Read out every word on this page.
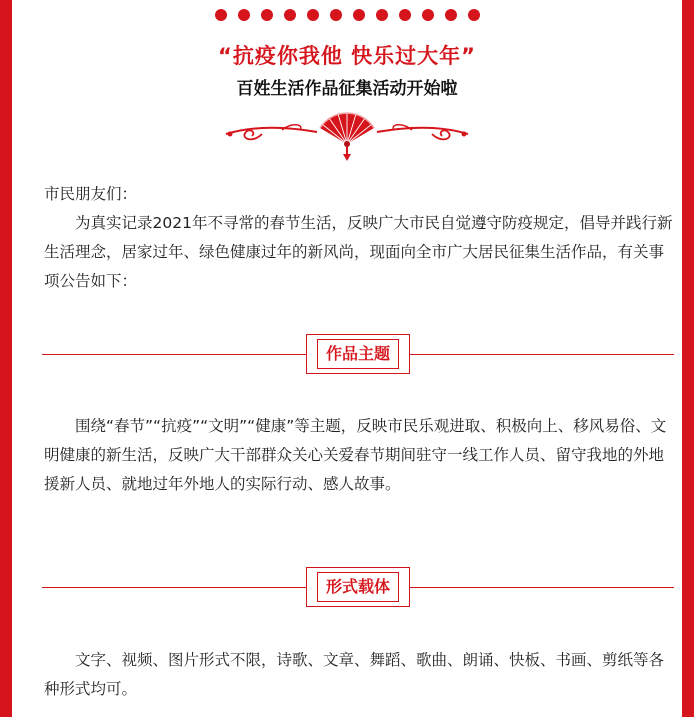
“抗疫你我他 快乐过大年”
百姓生活作品征集活动开始啦

市民朋友们：

为真实记录2021年不寻常的春节生活，反映广大市民自觉遵守防疫规定，倡导并践行新生活理念，居家过年、绿色健康过年的新风尚，现面向全市广大居民征集生活作品，有关事项公告如下：

作品主题

围绕“春节”“抗疫”“文明”“健康”等主题，反映市民乐观进取、积极向上、移风易俗、文明健康的新生活，反映广大干部群众关心关爱春节期间驻守一线工作人员、留守我地的外地援新人员、就地过年外地人的实际行动、感人故事。

形式载体

文字、视频、图片形式不限，诗歌、文章、舞蹈、歌曲、朗诵、快板、书画、剪纸等各种形式均可。
